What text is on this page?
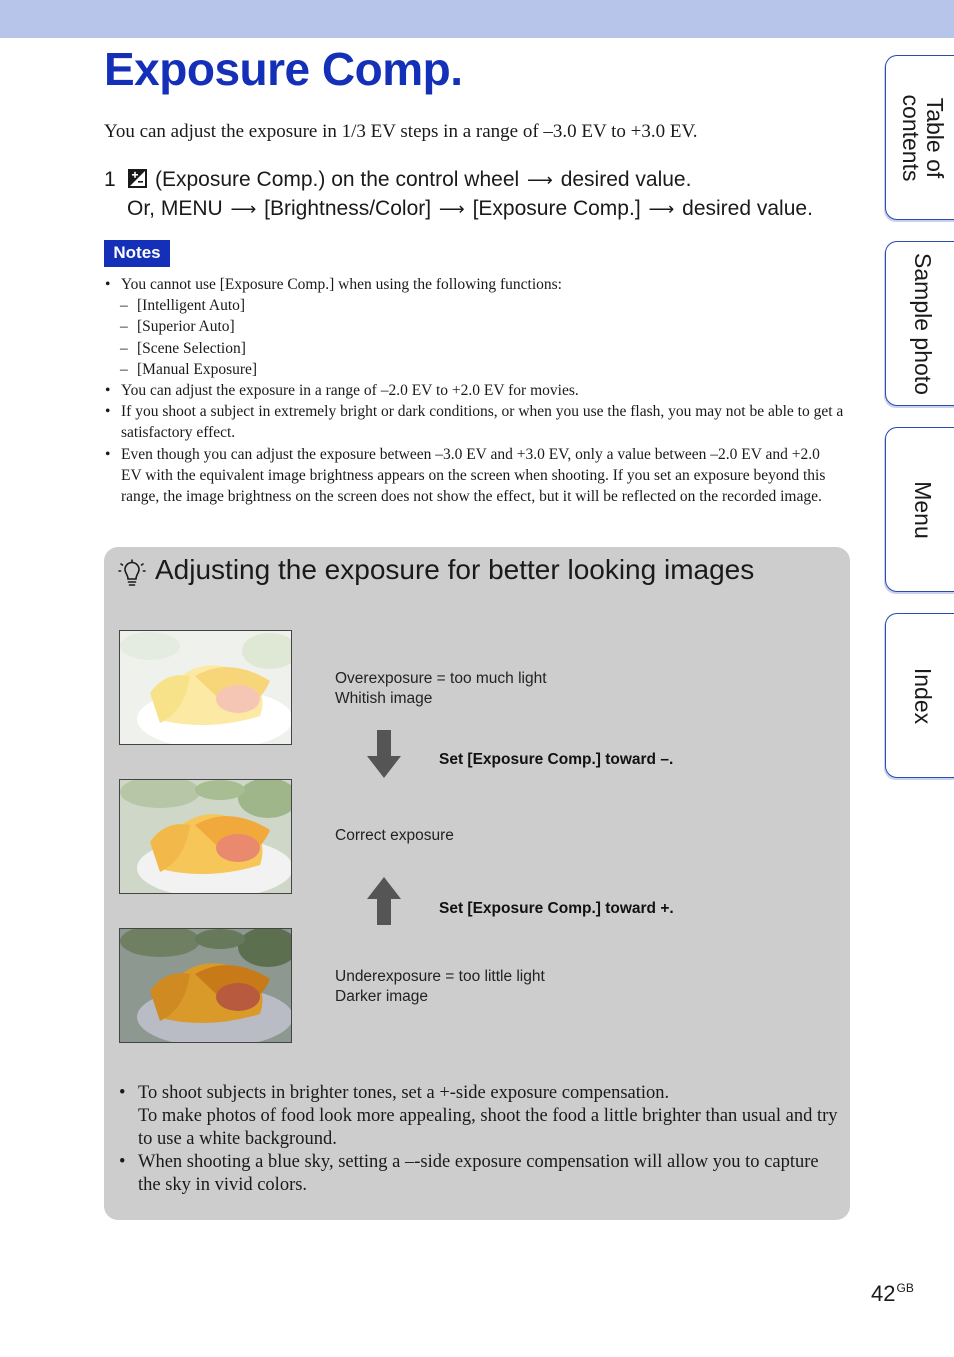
Exposure Comp.

You can adjust the exposure in 1/3 EV steps in a range of –3.0 EV to +3.0 EV.

1	(Exposure Comp.) on the control wheel ⟶ desired value.
Or, MENU ⟶ [Brightness/Color] ⟶ [Exposure Comp.] ⟶ desired value.
Notes
• You cannot use [Exposure Comp.] when using the following functions:
– [Intelligent Auto]
– [Superior Auto]
– [Scene Selection]
– [Manual Exposure]
• You can adjust the exposure in a range of –2.0 EV to +2.0 EV for movies.
• If you shoot a subject in extremely bright or dark conditions, or when you use the flash, you may not be able to get a satisfactory effect.
• Even though you can adjust the exposure between –3.0 EV and +3.0 EV, only a value between –2.0 EV and +2.0 EV with the equivalent image brightness appears on the screen when shooting. If you set an exposure beyond this range, the image brightness on the screen does not show the effect, but it will be reflected on the recorded image.
Adjusting the exposure for better looking images
Overexposure = too much light
Whitish image
Set [Exposure Comp.] toward –.
Correct exposure
Set [Exposure Comp.] toward +.
Underexposure = too little light
Darker image
• To shoot subjects in brighter tones, set a +-side exposure compensation.
To make photos of food look more appealing, shoot the food a little brighter than usual and try to use a white background.
• When shooting a blue sky, setting a –-side exposure compensation will allow you to capture the sky in vivid colors.
Table of
contents
Sample photo
Menu
Index
$42^{GB}$
